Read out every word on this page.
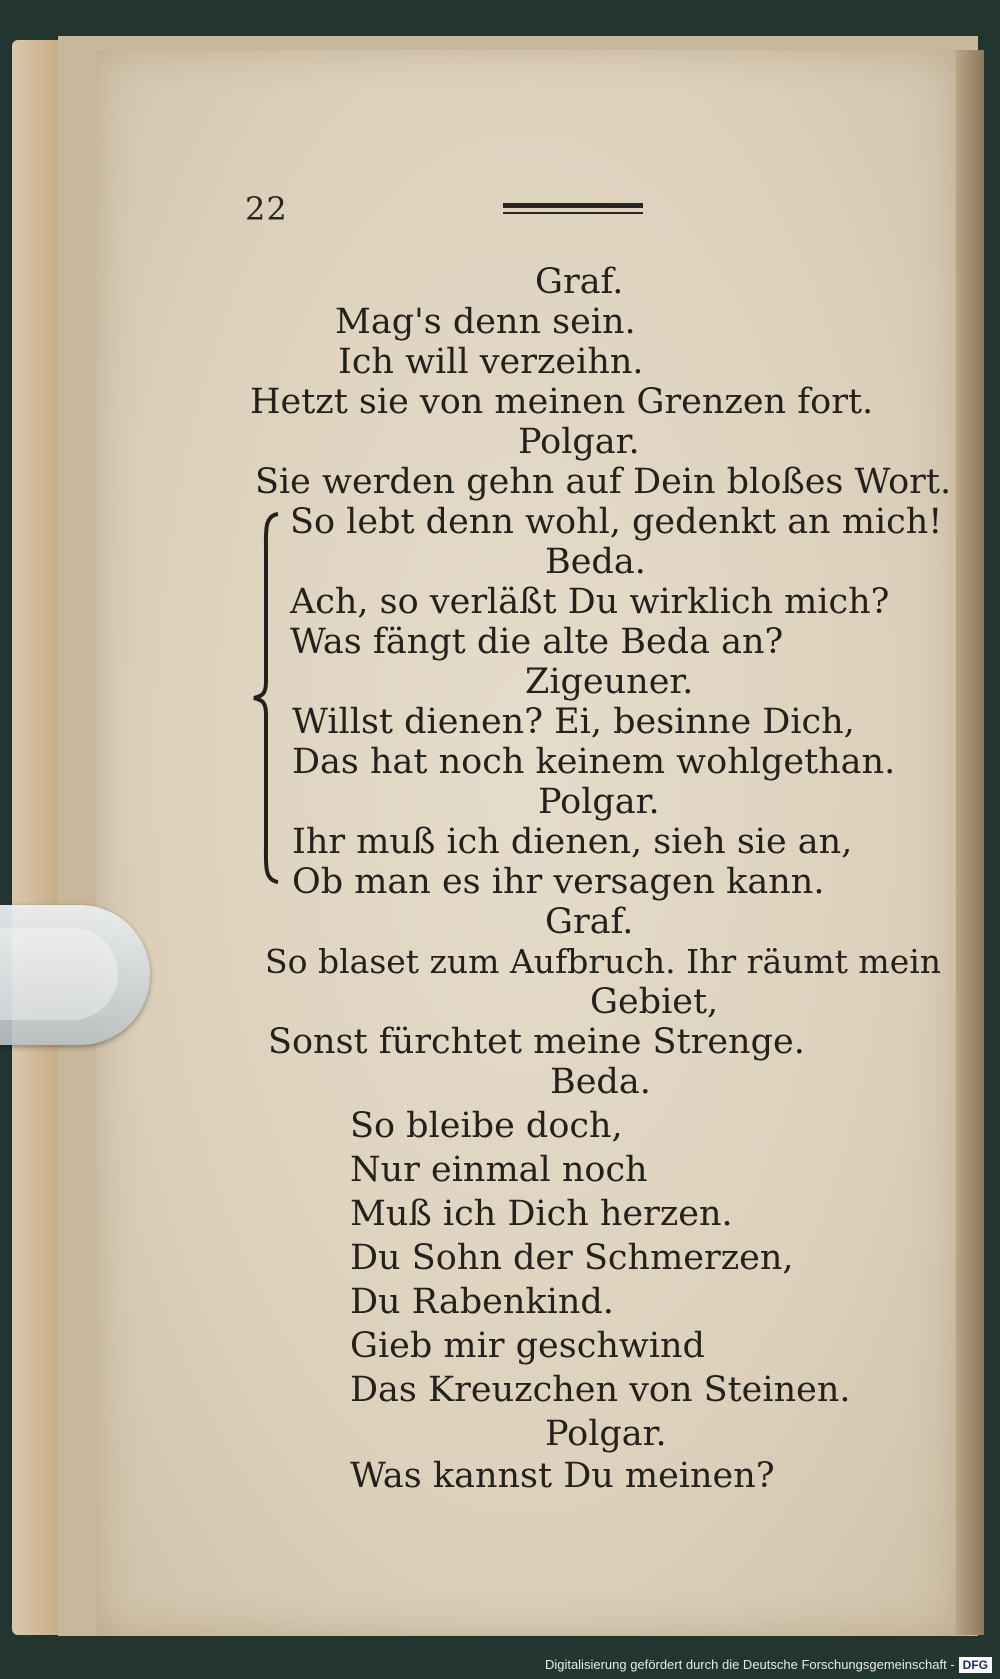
22
Graf.
Mag's denn sein.
Ich will verzeihn.
Hetzt sie von meinen Grenzen fort.
Polgar.
Sie werden gehn auf Dein bloßes Wort.
So lebt denn wohl, gedenkt an mich!
Beda.
Ach, so verläßt Du wirklich mich?
Was fängt die alte Beda an?
Zigeuner.
Willst dienen? Ei, besinne Dich,
Das hat noch keinem wohlgethan.
Polgar.
Ihr muß ich dienen, sieh sie an,
Ob man es ihr versagen kann.
Graf.
So blaset zum Aufbruch. Ihr räumt mein
Gebiet,
Sonst fürchtet meine Strenge.
Beda.
So bleibe doch,
Nur einmal noch
Muß ich Dich herzen.
Du Sohn der Schmerzen,
Du Rabenkind.
Gieb mir geschwind
Das Kreuzchen von Steinen.
Polgar.
Was kannst Du meinen?
Digitalisierung gefördert durch die Deutsche Forschungsgemeinschaft - DFG
